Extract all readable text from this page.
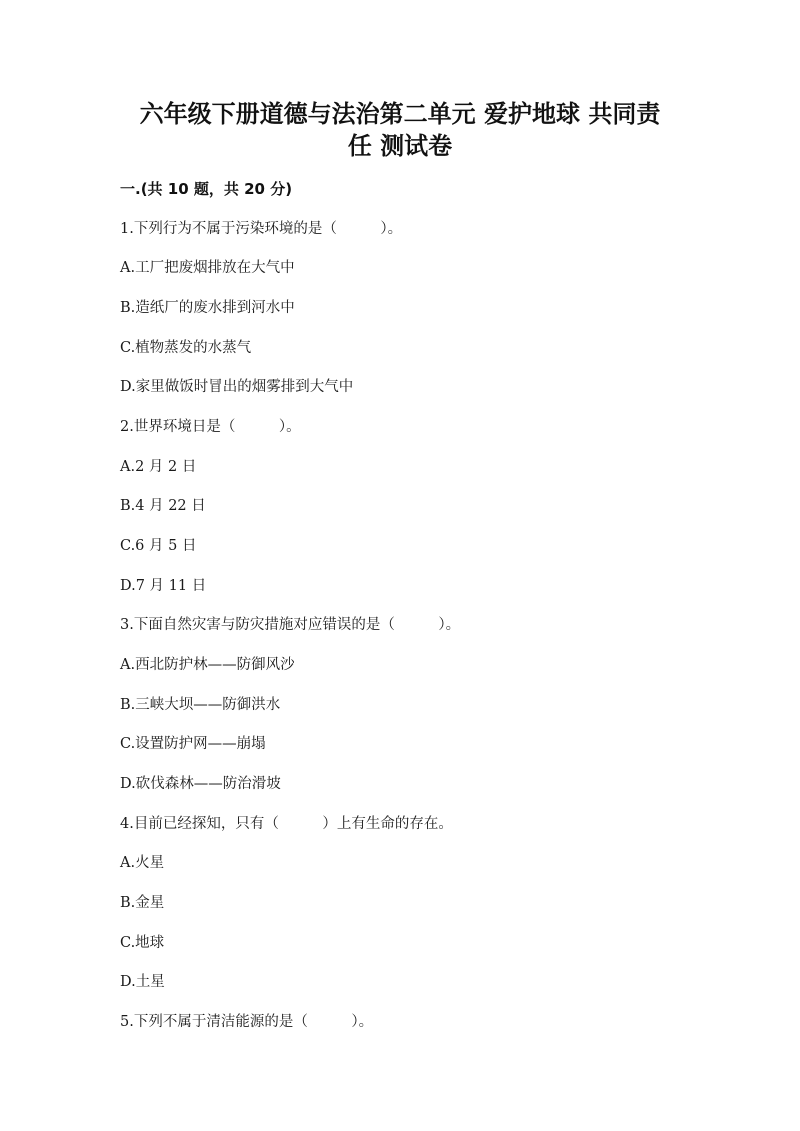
六年级下册道德与法治第二单元 爱护地球 共同责
任 测试卷
一.(共 10 题，共 20 分)
1.下列行为不属于污染环境的是（　　　）。
A.工厂把废烟排放在大气中
B.造纸厂的废水排到河水中
C.植物蒸发的水蒸气
D.家里做饭时冒出的烟雾排到大气中
2.世界环境日是（　　　）。
A.2 月 2 日
B.4 月 22 日
C.6 月 5 日
D.7 月 11 日
3.下面自然灾害与防灾措施对应错误的是（　　　）。
A.西北防护林——防御风沙
B.三峡大坝——防御洪水
C.设置防护网——崩塌
D.砍伐森林——防治滑坡
4.目前已经探知，只有（　　　）上有生命的存在。
A.火星
B.金星
C.地球
D.土星
5.下列不属于清洁能源的是（　　　）。
